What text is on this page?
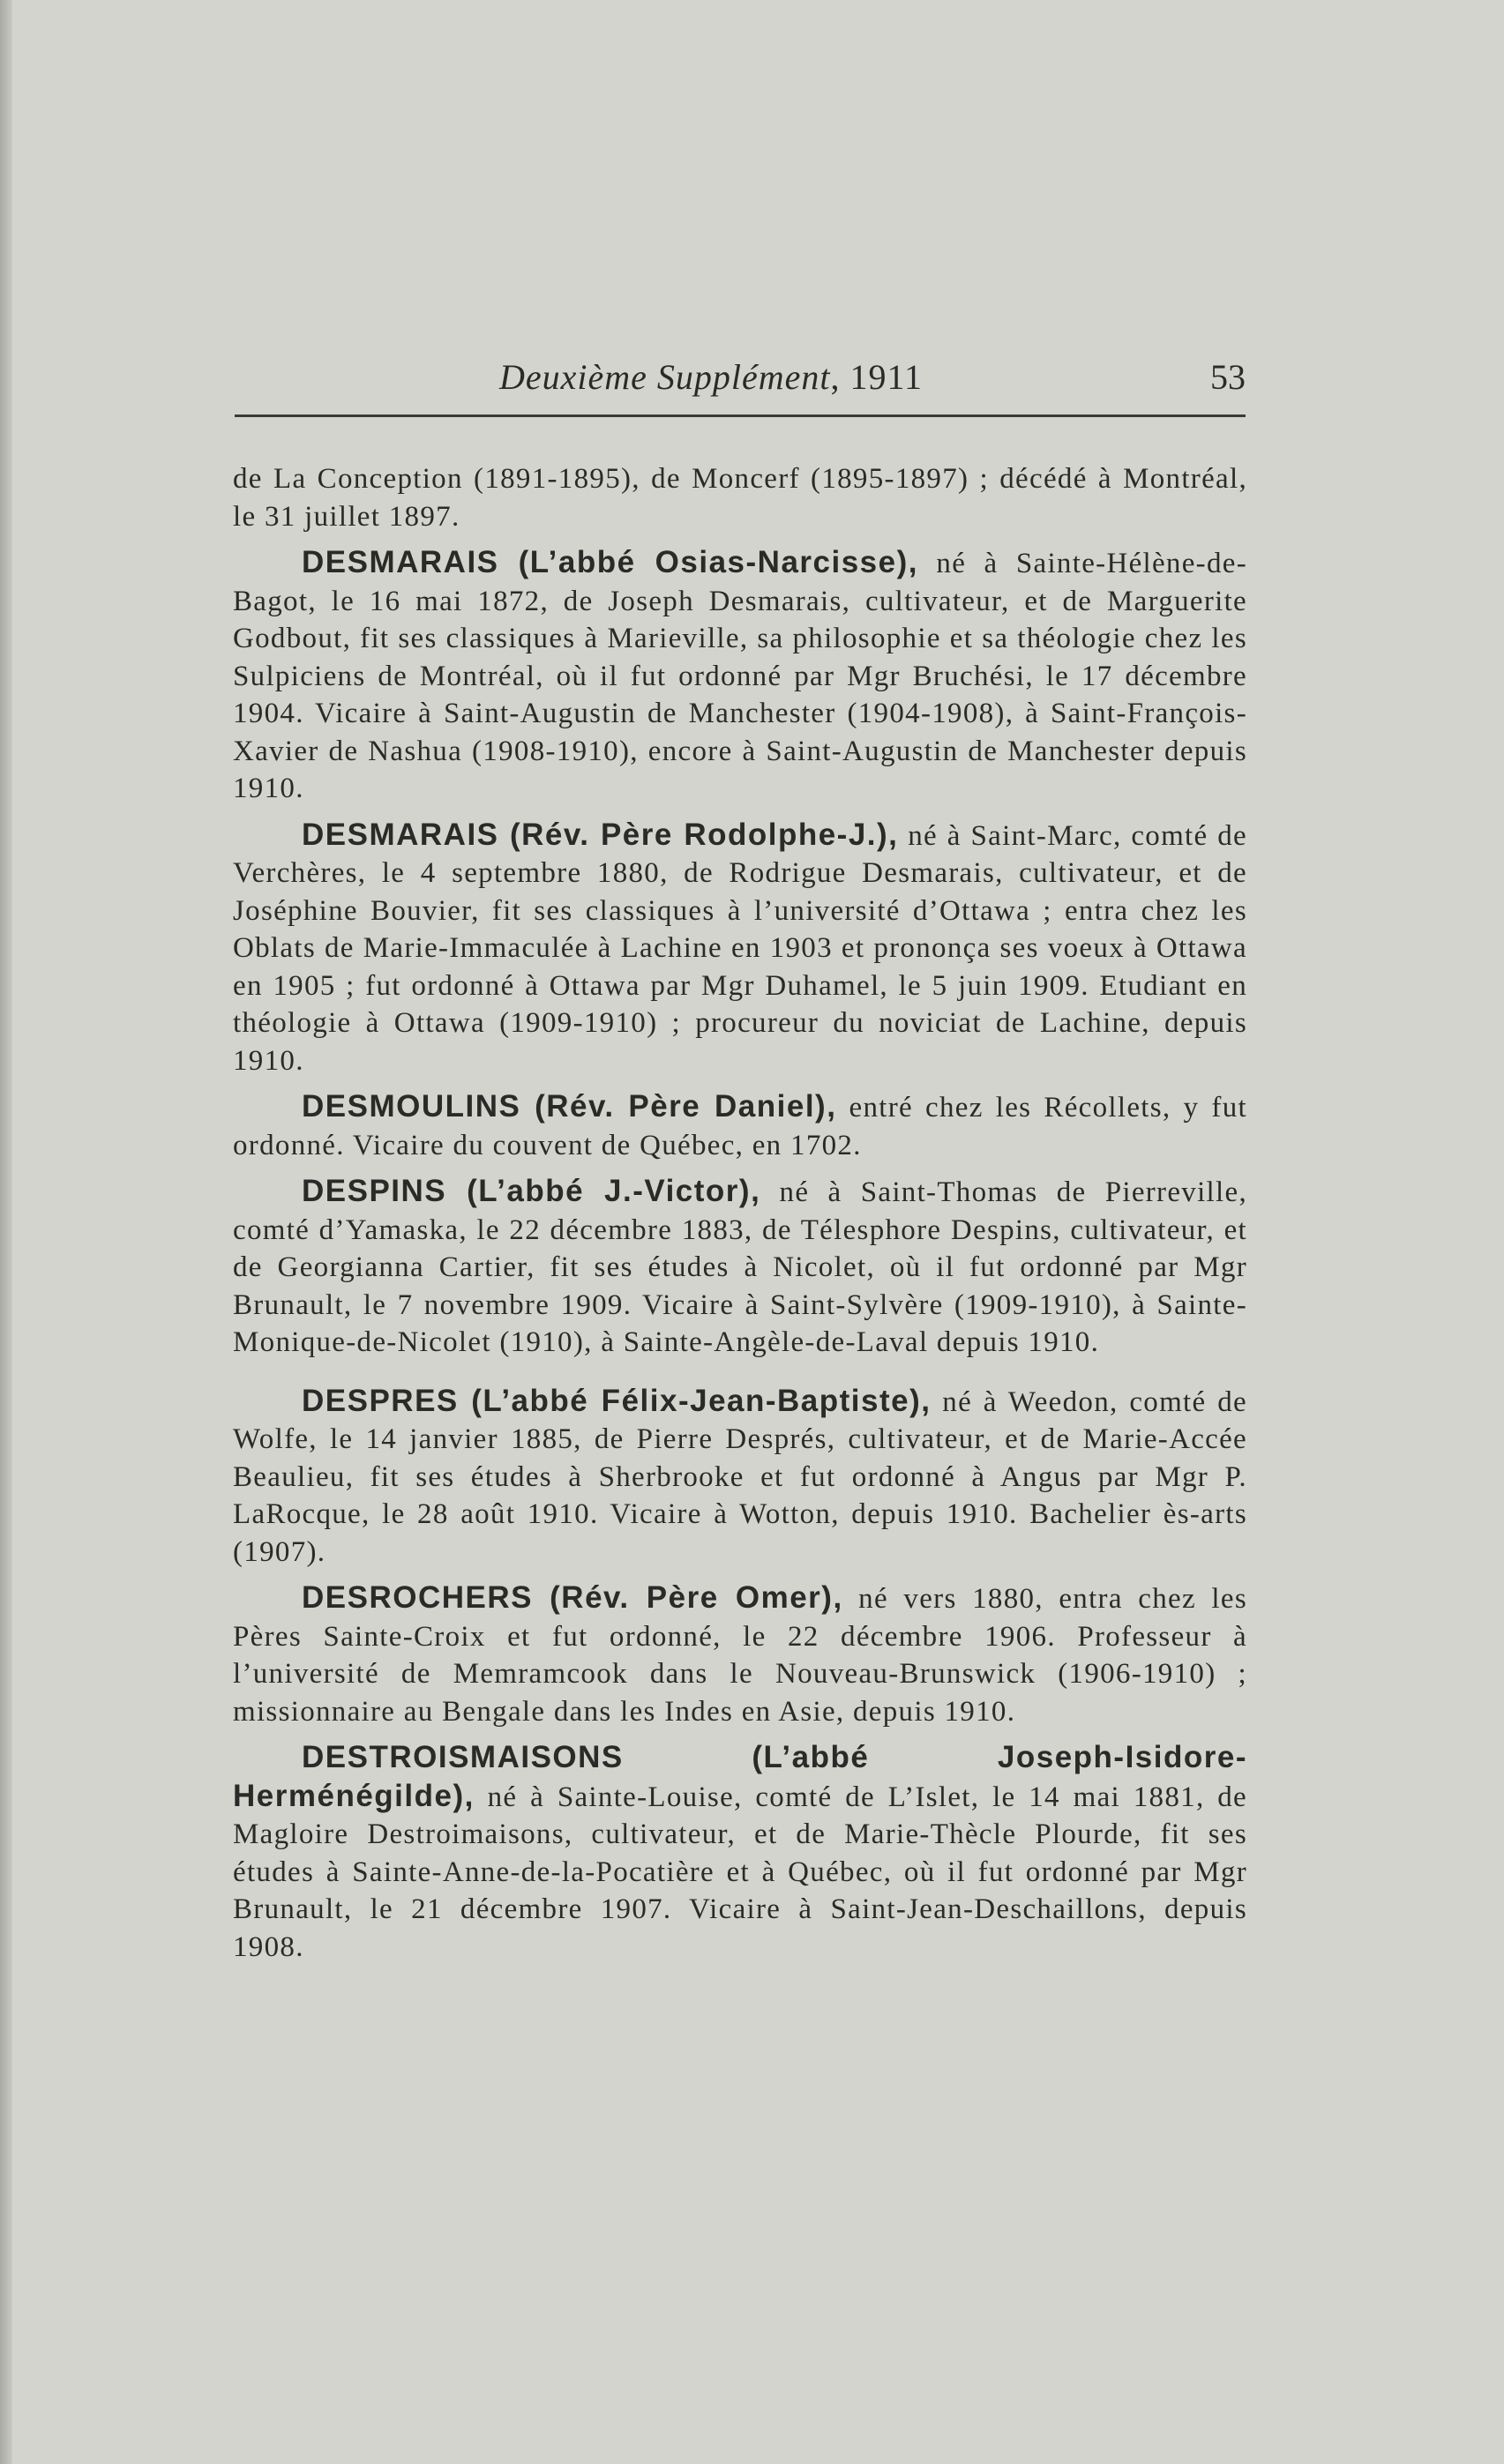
Deuxième Supplément, 1911	53

de La Conception (1891-1895), de Moncerf (1895-1897) ; décédé à Montréal, le 31 juillet 1897.

DESMARAIS (L’abbé Osias-Narcisse), né à Sainte-Hélène-de-Bagot, le 16 mai 1872, de Joseph Desmarais, cultivateur, et de Marguerite Godbout, fit ses classiques à Marieville, sa philosophie et sa théologie chez les Sulpiciens de Montréal, où il fut ordonné par Mgr Bruchési, le 17 décembre 1904. Vicaire à Saint-Augustin de Manchester (1904-1908), à Saint-François-Xavier de Nashua (1908-1910), encore à Saint-Augustin de Manchester depuis 1910.

DESMARAIS (Rév. Père Rodolphe-J.), né à Saint-Marc, comté de Verchères, le 4 septembre 1880, de Rodrigue Desmarais, cultivateur, et de Joséphine Bouvier, fit ses classiques à l’université d’Ottawa ; entra chez les Oblats de Marie-Immaculée à Lachine en 1903 et prononça ses voeux à Ottawa en 1905 ; fut ordonné à Ottawa par Mgr Duhamel, le 5 juin 1909. Etudiant en théologie à Ottawa (1909-1910) ; procureur du noviciat de Lachine, depuis 1910.

DESMOULINS (Rév. Père Daniel), entré chez les Récollets, y fut ordonné. Vicaire du couvent de Québec, en 1702.

DESPINS (L’abbé J.-Victor), né à Saint-Thomas de Pierreville, comté d’Yamaska, le 22 décembre 1883, de Télesphore Despins, cultivateur, et de Georgianna Cartier, fit ses études à Nicolet, où il fut ordonné par Mgr Brunault, le 7 novembre 1909. Vicaire à Saint-Sylvère (1909-1910), à Sainte-Monique-de-Nicolet (1910), à Sainte-Angèle-de-Laval depuis 1910.

DESPRES (L’abbé Félix-Jean-Baptiste), né à Weedon, comté de Wolfe, le 14 janvier 1885, de Pierre Després, cultivateur, et de Marie-Accée Beaulieu, fit ses études à Sherbrooke et fut ordonné à Angus par Mgr P. LaRocque, le 28 août 1910. Vicaire à Wotton, depuis 1910. Bachelier ès-arts (1907).

DESROCHERS (Rév. Père Omer), né vers 1880, entra chez les Pères Sainte-Croix et fut ordonné, le 22 décembre 1906. Professeur à l’université de Memramcook dans le Nouveau-Brunswick (1906-1910) ; missionnaire au Bengale dans les Indes en Asie, depuis 1910.

DESTROISMAISONS (L’abbé Joseph-Isidore-Herménégilde), né à Sainte-Louise, comté de L’Islet, le 14 mai 1881, de Magloire Destroimaisons, cultivateur, et de Marie-Thècle Plourde, fit ses études à Sainte-Anne-de-la-Pocatière et à Québec, où il fut ordonné par Mgr Brunault, le 21 décembre 1907. Vicaire à Saint-Jean-Deschaillons, depuis 1908.
